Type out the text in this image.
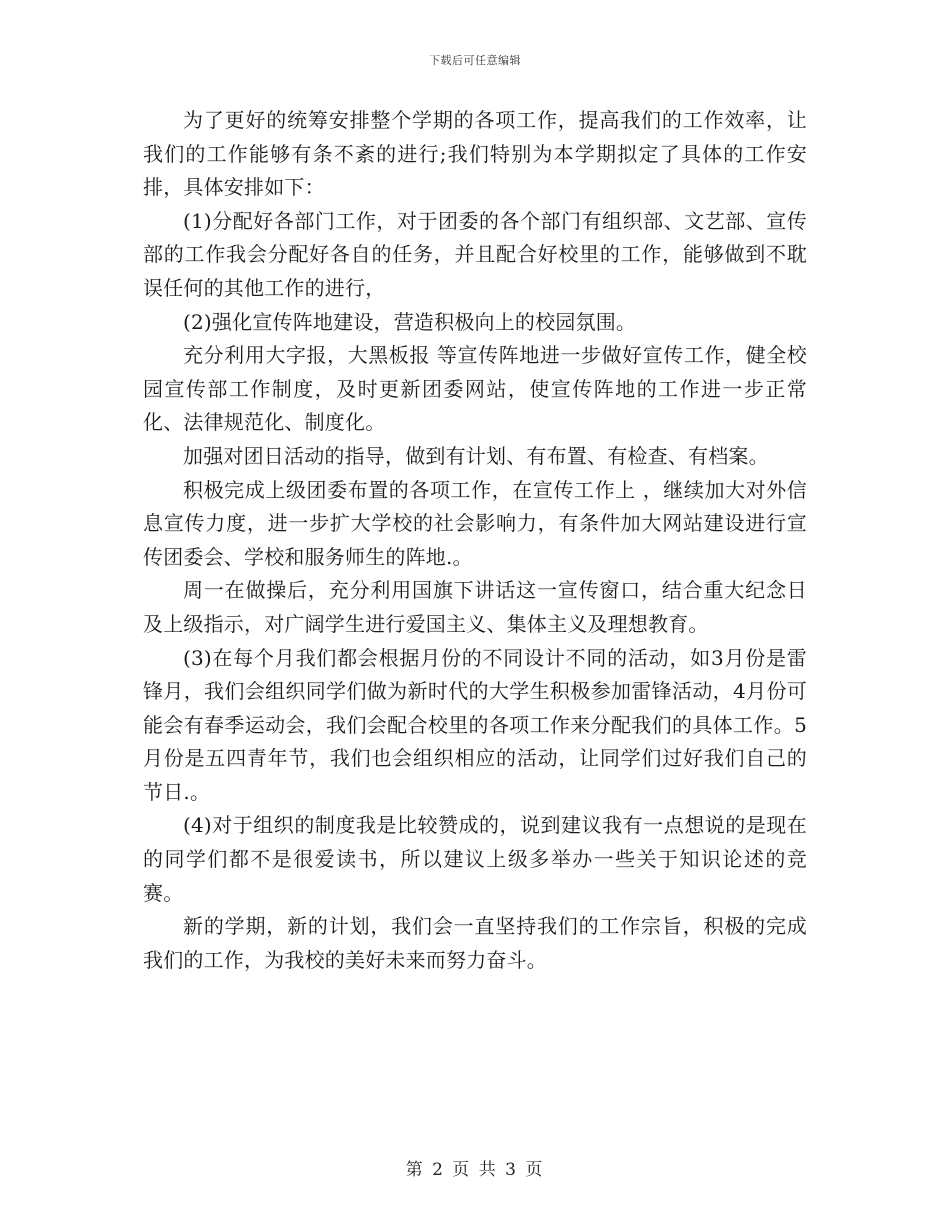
下载后可任意编辑

为了更好的统筹安排整个学期的各项工作，提高我们的工作效率，让我们的工作能够有条不紊的进行;我们特别为本学期拟定了具体的工作安排，具体安排如下：

(1)分配好各部门工作，对于团委的各个部门有组织部、文艺部、宣传部的工作我会分配好各自的任务，并且配合好校里的工作，能够做到不耽误任何的其他工作的进行，

(2)强化宣传阵地建设，营造积极向上的校园氛围。

充分利用大字报，大黑板报 等宣传阵地进一步做好宣传工作，健全校园宣传部工作制度，及时更新团委网站，使宣传阵地的工作进一步正常化、法律规范化、制度化。

加强对团日活动的指导，做到有计划、有布置、有检查、有档案。

积极完成上级团委布置的各项工作，在宣传工作上 ，继续加大对外信息宣传力度，进一步扩大学校的社会影响力，有条件加大网站建设进行宣传团委会、学校和服务师生的阵地.。

周一在做操后，充分利用国旗下讲话这一宣传窗口，结合重大纪念日及上级指示，对广阔学生进行爱国主义、集体主义及理想教育。

(3)在每个月我们都会根据月份的不同设计不同的活动，如3月份是雷锋月，我们会组织同学们做为新时代的大学生积极参加雷锋活动，4月份可能会有春季运动会，我们会配合校里的各项工作来分配我们的具体工作。5月份是五四青年节，我们也会组织相应的活动，让同学们过好我们自己的节日.。

(4)对于组织的制度我是比较赞成的，说到建议我有一点想说的是现在的同学们都不是很爱读书，所以建议上级多举办一些关于知识论述的竞赛。

新的学期，新的计划，我们会一直坚持我们的工作宗旨，积极的完成我们的工作，为我校的美好未来而努力奋斗。

第 2 页 共 3 页
